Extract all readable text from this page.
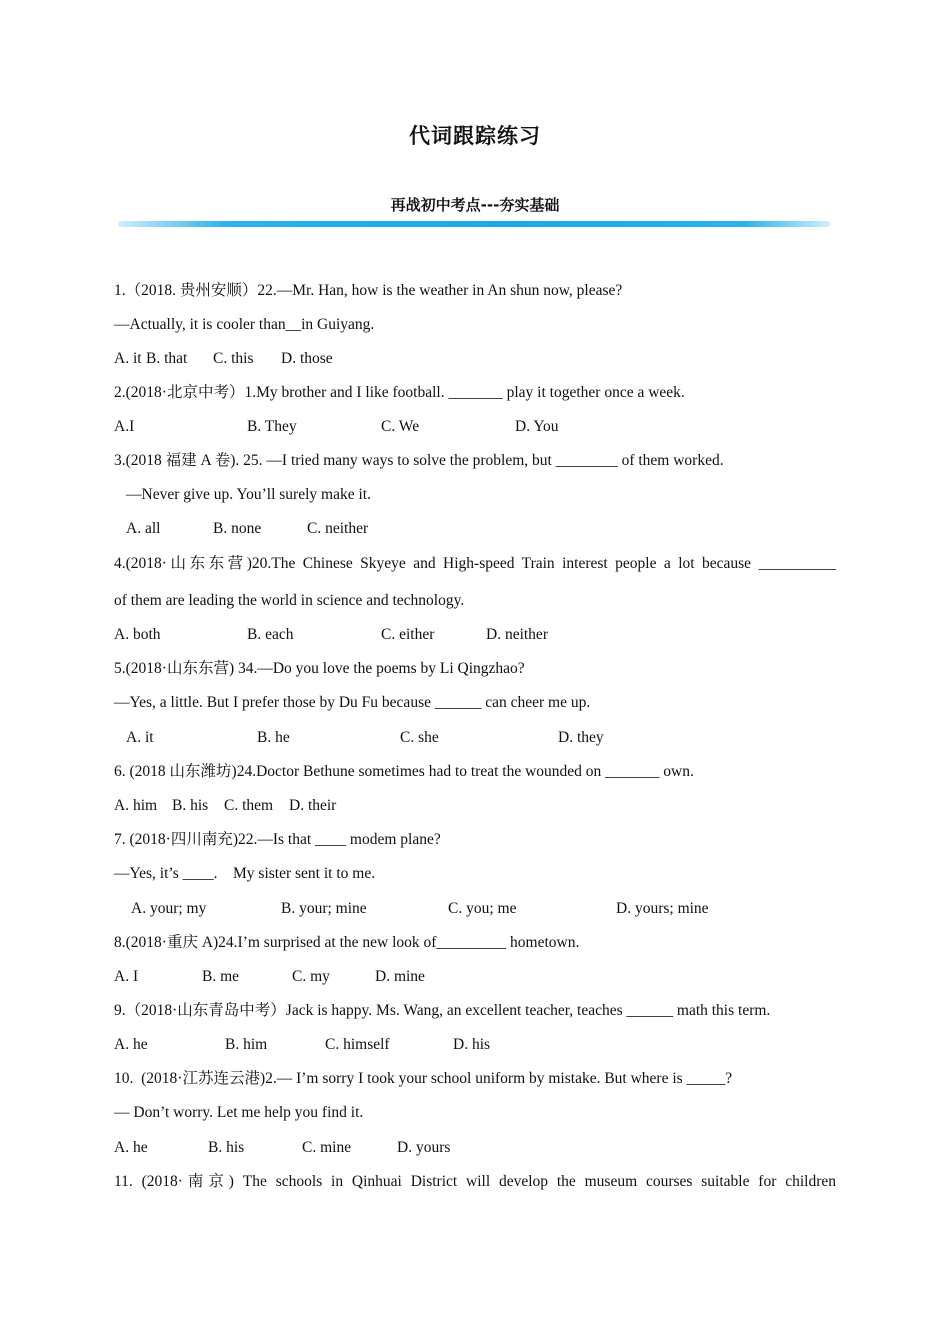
代词跟踪练习
再战初中考点---夯实基础
1.（2018. 贵州安顺）22.—Mr. Han, how is the weather in An shun now, please?
—Actually, it is cooler than__in Guiyang.
A. it B. that C. this D. those
2.(2018·北京中考）1.My brother and I like football. _______ play it together once a week.
A.I	B. They	C. We	D. You
3.(2018 福建 A 卷). 25. —I tried many ways to solve the problem, but ________ of them worked.
—Never give up. You’ll surely make it.
A. all	B. none	C. neither
4.(2018·山东东营)20.The Chinese Skyeye and High-speed Train interest people a lot because __________
of them are leading the world in science and technology.
A. both	B. each	C. either	D. neither
5.(2018·山东东营) 34.—Do you love the poems by Li Qingzhao?
—Yes, a little. But I prefer those by Du Fu because ______ can cheer me up.
A. it	B. he	C. she	D. they
6. (2018 山东潍坊)24.Doctor Bethune sometimes had to treat the wounded on _______ own.
A. him B. his C. them D. their
7. (2018·四川南充)22.—Is that ____ modem plane?
—Yes, it’s ____.    My sister sent it to me.
A. your; my	B. your; mine	C. you; me	D. yours; mine
8.(2018·重庆 A)24.I’m surprised at the new look of_________ hometown.
A. I	B. me	C. my	D. mine
9.（2018·山东青岛中考）Jack is happy. Ms. Wang, an excellent teacher, teaches ______ math this term.
A. he	B. him	C. himself	D. his
10.  (2018·江苏连云港)2.— I’m sorry I took your school uniform by mistake. But where is _____?
— Don’t worry. Let me help you find it.
A. he	B. his	C. mine	D. yours
11. (2018·南京) The schools in Qinhuai District will develop the museum courses suitable for children
